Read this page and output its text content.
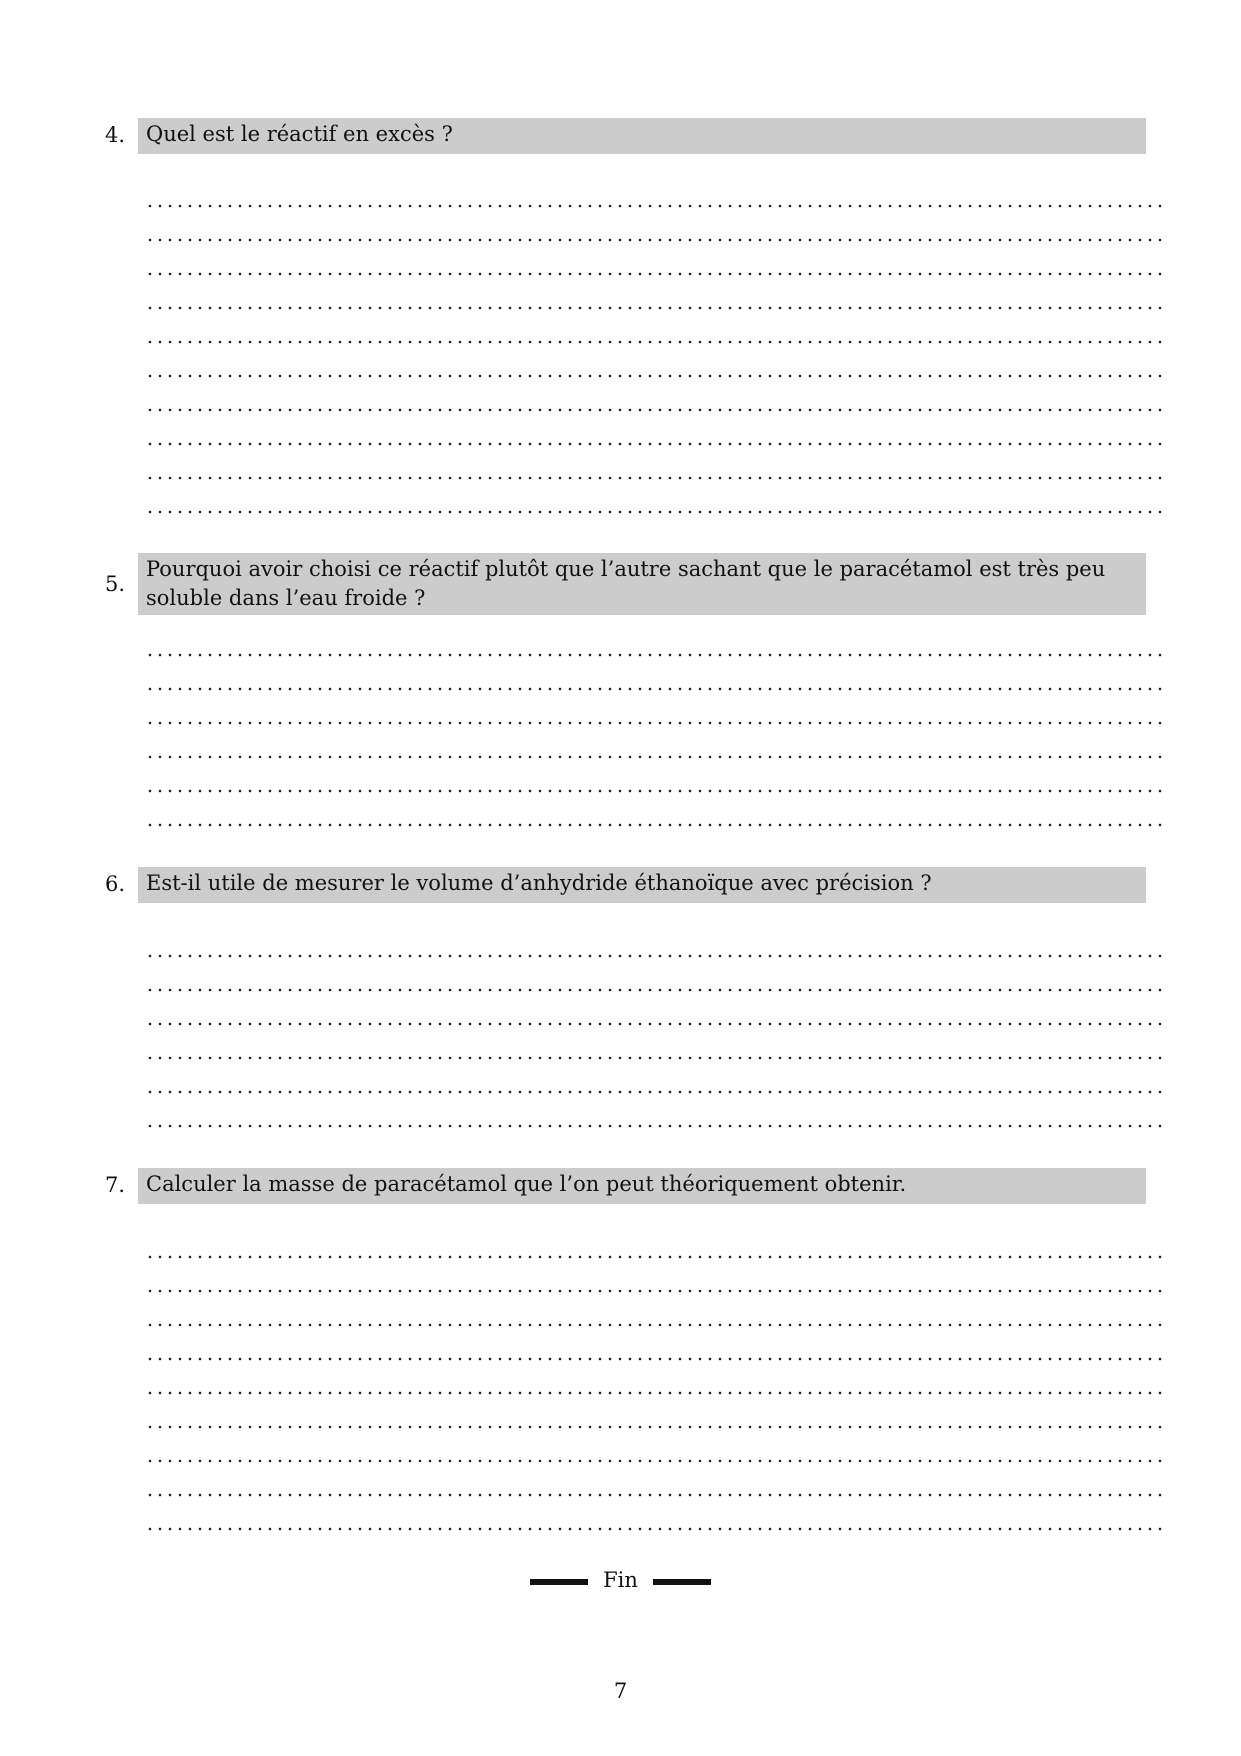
4. Quel est le réactif en excès ?
5.
Pourquoi avoir choisi ce réactif plutôt que l’autre sachant que le paracétamol est très peu soluble dans l’eau froide ?
6. Est-il utile de mesurer le volume d’anhydride éthanoïque avec précision ?
7. Calculer la masse de paracétamol que l’on peut théoriquement obtenir.
Fin
7
